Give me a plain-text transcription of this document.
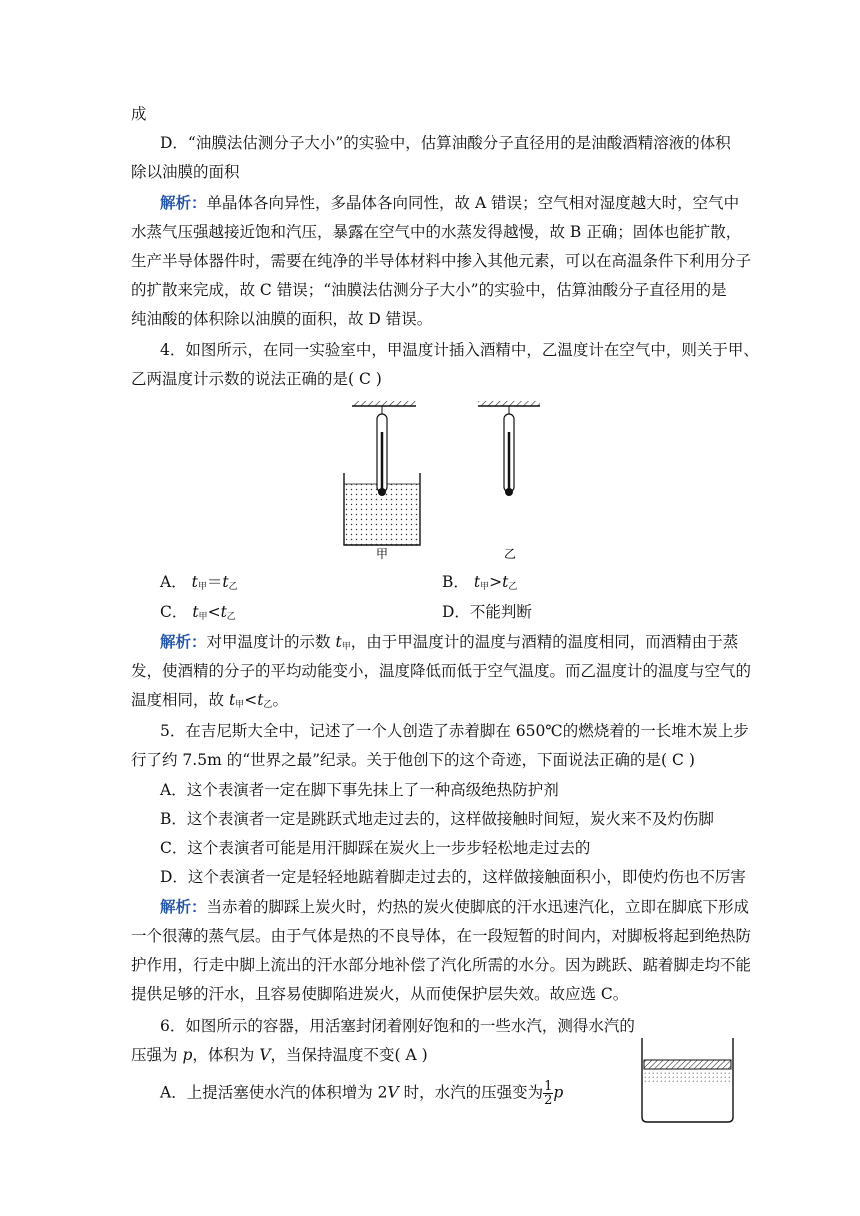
成
D．“油膜法估测分子大小”的实验中，估算油酸分子直径用的是油酸酒精溶液的体积
除以油膜的面积
解析：单晶体各向异性，多晶体各向同性，故 A 错误；空气相对湿度越大时，空气中
水蒸气压强越接近饱和汽压，暴露在空气中的水蒸发得越慢，故 B 正确；固体也能扩散，
生产半导体器件时，需要在纯净的半导体材料中掺入其他元素，可以在高温条件下利用分子
的扩散来完成，故 C 错误；“油膜法估测分子大小”的实验中，估算油酸分子直径用的是
纯油酸的体积除以油膜的面积，故 D 错误。
4．如图所示，在同一实验室中，甲温度计插入酒精中，乙温度计在空气中，则关于甲、
乙两温度计示数的说法正确的是( C )
甲	乙
A． $t_甲=t_乙$	B． $t_甲>t_乙$
C． $t_甲<t_乙$	D．不能判断
解析：对甲温度计的示数 $t_甲$，由于甲温度计的温度与酒精的温度相同，而酒精由于蒸
发，使酒精的分子的平均动能变小，温度降低而低于空气温度。而乙温度计的温度与空气的
温度相同，故 $t_甲<t_乙$。
5．在吉尼斯大全中，记述了一个人创造了赤着脚在 650℃的燃烧着的一长堆木炭上步
行了约 7.5m 的“世界之最”纪录。关于他创下的这个奇迹，下面说法正确的是( C )
A．这个表演者一定在脚下事先抹上了一种高级绝热防护剂
B．这个表演者一定是跳跃式地走过去的，这样做接触时间短，炭火来不及灼伤脚
C．这个表演者可能是用汗脚踩在炭火上一步步轻松地走过去的
D．这个表演者一定是轻轻地踮着脚走过去的，这样做接触面积小，即使灼伤也不厉害
解析：当赤着的脚踩上炭火时，灼热的炭火使脚底的汗水迅速汽化，立即在脚底下形成
一个很薄的蒸气层。由于气体是热的不良导体，在一段短暂的时间内，对脚板将起到绝热防
护作用，行走中脚上流出的汗水部分地补偿了汽化所需的水分。因为跳跃、踮着脚走均不能
提供足够的汗水，且容易使脚陷进炭火，从而使保护层失效。故应选 C。
6．如图所示的容器，用活塞封闭着刚好饱和的一些水汽，测得水汽的
压强为 p，体积为 V，当保持温度不变( A )
A．上提活塞使水汽的体积增为 2V 时，水汽的压强变为 $\frac{1}{2}$ p
